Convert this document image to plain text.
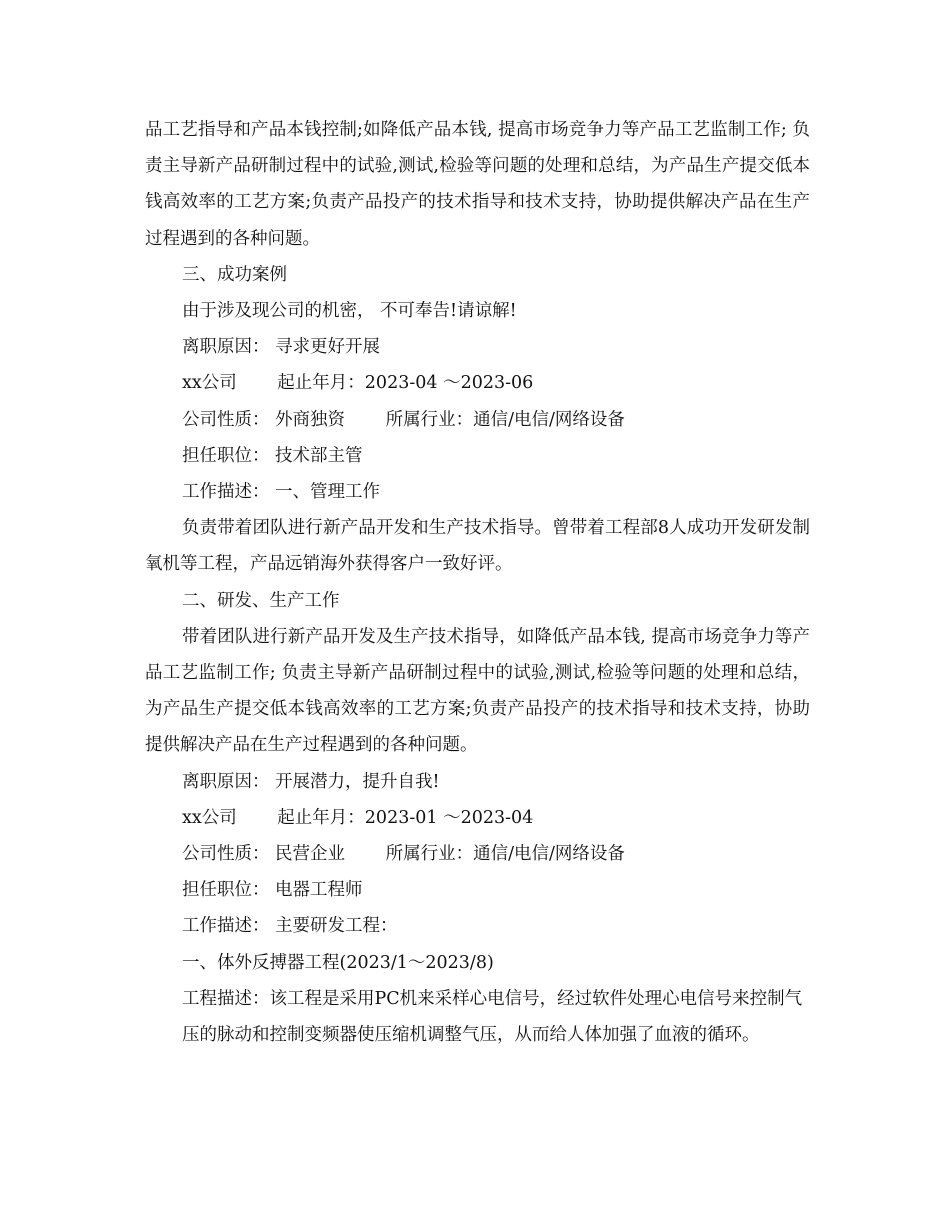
品工艺指导和产品本钱控制;如降低产品本钱, 提高市场竞争力等产品工艺监制工作; 负责主导新产品研制过程中的试验,测试,检验等问题的处理和总结，为产品生产提交低本钱高效率的工艺方案;负责产品投产的技术指导和技术支持，协助提供解决产品在生产过程遇到的各种问题。

三、成功案例

由于涉及现公司的机密， 不可奉告!请谅解!

离职原因： 寻求更好开展

xx公司　　 起止年月：2023-04 ～2023-06

公司性质： 外商独资　　 所属行业：通信/电信/网络设备

担任职位： 技术部主管

工作描述： 一、管理工作

负责带着团队进行新产品开发和生产技术指导。曾带着工程部8人成功开发研发制氧机等工程，产品远销海外获得客户一致好评。

二、研发、生产工作

带着团队进行新产品开发及生产技术指导，如降低产品本钱, 提高市场竞争力等产品工艺监制工作; 负责主导新产品研制过程中的试验,测试,检验等问题的处理和总结，为产品生产提交低本钱高效率的工艺方案;负责产品投产的技术指导和技术支持，协助提供解决产品在生产过程遇到的各种问题。

离职原因： 开展潜力，提升自我!

xx公司　　 起止年月：2023-01 ～2023-04

公司性质： 民营企业　　 所属行业：通信/电信/网络设备

担任职位： 电器工程师

工作描述： 主要研发工程：

一、体外反搏器工程(2023/1～2023/8)

工程描述：该工程是采用PC机来采样心电信号，经过软件处理心电信号来控制气

压的脉动和控制变频器使压缩机调整气压，从而给人体加强了血液的循环。
